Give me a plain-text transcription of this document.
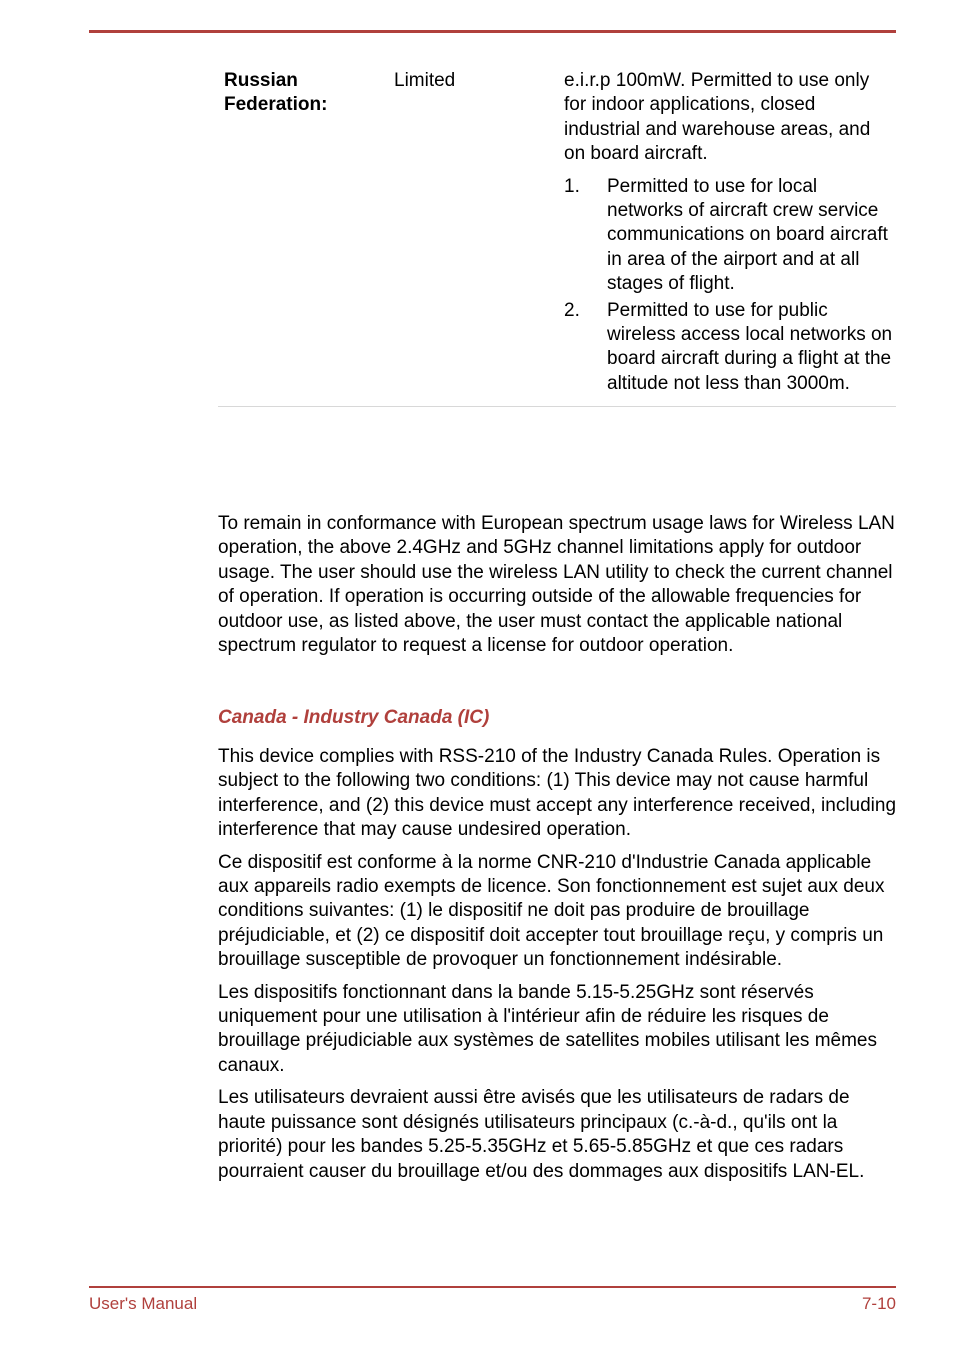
Russian
Federation:
Limited	e.i.r.p 100mW. Permitted to use only for indoor applications, closed industrial and warehouse areas, and on board aircraft.

1.	Permitted to use for local networks of aircraft crew service communications on board aircraft in area of the airport and at all stages of flight.
2.	Permitted to use for public wireless access local networks on board aircraft during a flight at the altitude not less than 3000m.

To remain in conformance with European spectrum usage laws for Wireless LAN operation, the above 2.4GHz and 5GHz channel limitations apply for outdoor usage. The user should use the wireless LAN utility to check the current channel of operation. If operation is occurring outside of the allowable frequencies for outdoor use, as listed above, the user must contact the applicable national spectrum regulator to request a license for outdoor operation.

Canada - Industry Canada (IC)

This device complies with RSS-210 of the Industry Canada Rules. Operation is subject to the following two conditions: (1) This device may not cause harmful interference, and (2) this device must accept any interference received, including interference that may cause undesired operation.

Ce dispositif est conforme à la norme CNR-210 d'Industrie Canada applicable aux appareils radio exempts de licence. Son fonctionnement est sujet aux deux conditions suivantes: (1) le dispositif ne doit pas produire de brouillage préjudiciable, et (2) ce dispositif doit accepter tout brouillage reçu, y compris un brouillage susceptible de provoquer un fonctionnement indésirable.

Les dispositifs fonctionnant dans la bande 5.15-5.25GHz sont réservés uniquement pour une utilisation à l'intérieur afin de réduire les risques de brouillage préjudiciable aux systèmes de satellites mobiles utilisant les mêmes canaux.

Les utilisateurs devraient aussi être avisés que les utilisateurs de radars de haute puissance sont désignés utilisateurs principaux (c.-à-d., qu'ils ont la priorité) pour les bandes 5.25-5.35GHz et 5.65-5.85GHz et que ces radars pourraient causer du brouillage et/ou des dommages aux dispositifs LAN-EL.

User's Manual	7-10
